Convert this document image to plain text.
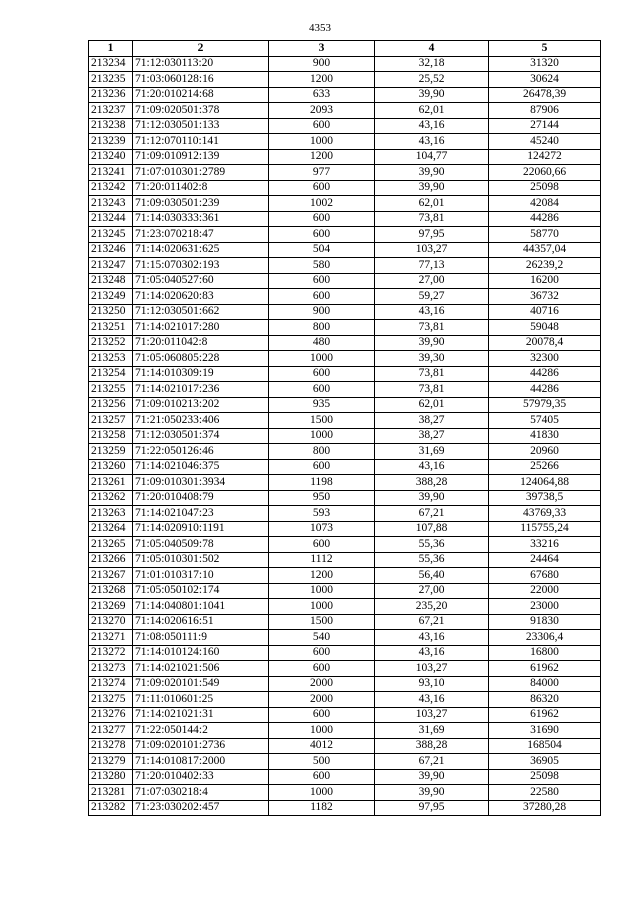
4353
1	2	3	4	5
213234	71:12:030113:20	900	32,18	31320
213235	71:03:060128:16	1200	25,52	30624
213236	71:20:010214:68	633	39,90	26478,39
213237	71:09:020501:378	2093	62,01	87906
213238	71:12:030501:133	600	43,16	27144
213239	71:12:070110:141	1000	43,16	45240
213240	71:09:010912:139	1200	104,77	124272
213241	71:07:010301:2789	977	39,90	22060,66
213242	71:20:011402:8	600	39,90	25098
213243	71:09:030501:239	1002	62,01	42084
213244	71:14:030333:361	600	73,81	44286
213245	71:23:070218:47	600	97,95	58770
213246	71:14:020631:625	504	103,27	44357,04
213247	71:15:070302:193	580	77,13	26239,2
213248	71:05:040527:60	600	27,00	16200
213249	71:14:020620:83	600	59,27	36732
213250	71:12:030501:662	900	43,16	40716
213251	71:14:021017:280	800	73,81	59048
213252	71:20:011042:8	480	39,90	20078,4
213253	71:05:060805:228	1000	39,30	32300
213254	71:14:010309:19	600	73,81	44286
213255	71:14:021017:236	600	73,81	44286
213256	71:09:010213:202	935	62,01	57979,35
213257	71:21:050233:406	1500	38,27	57405
213258	71:12:030501:374	1000	38,27	41830
213259	71:22:050126:46	800	31,69	20960
213260	71:14:021046:375	600	43,16	25266
213261	71:09:010301:3934	1198	388,28	124064,88
213262	71:20:010408:79	950	39,90	39738,5
213263	71:14:021047:23	593	67,21	43769,33
213264	71:14:020910:1191	1073	107,88	115755,24
213265	71:05:040509:78	600	55,36	33216
213266	71:05:010301:502	1112	55,36	24464
213267	71:01:010317:10	1200	56,40	67680
213268	71:05:050102:174	1000	27,00	22000
213269	71:14:040801:1041	1000	235,20	23000
213270	71:14:020616:51	1500	67,21	91830
213271	71:08:050111:9	540	43,16	23306,4
213272	71:14:010124:160	600	43,16	16800
213273	71:14:021021:506	600	103,27	61962
213274	71:09:020101:549	2000	93,10	84000
213275	71:11:010601:25	2000	43,16	86320
213276	71:14:021021:31	600	103,27	61962
213277	71:22:050144:2	1000	31,69	31690
213278	71:09:020101:2736	4012	388,28	168504
213279	71:14:010817:2000	500	67,21	36905
213280	71:20:010402:33	600	39,90	25098
213281	71:07:030218:4	1000	39,90	22580
213282	71:23:030202:457	1182	97,95	37280,28
